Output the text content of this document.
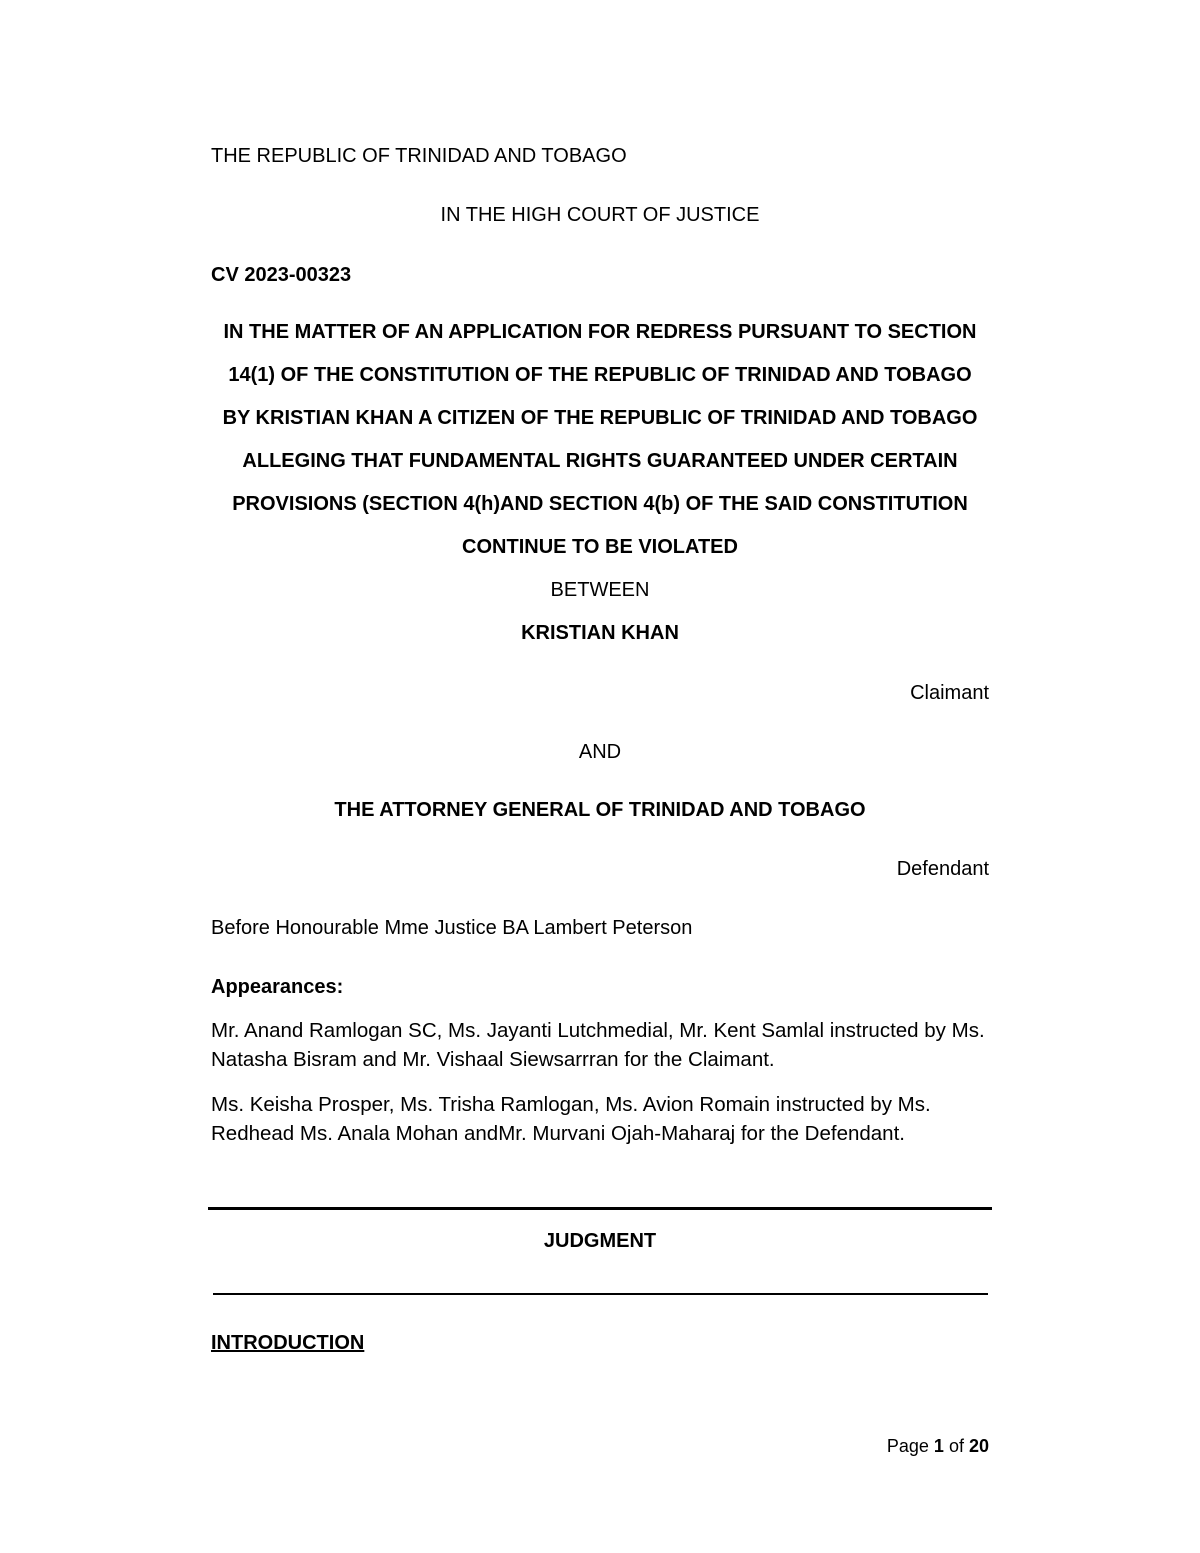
THE REPUBLIC OF TRINIDAD AND TOBAGO
IN THE HIGH COURT OF JUSTICE
CV 2023-00323
IN THE MATTER OF AN APPLICATION FOR REDRESS PURSUANT TO SECTION
14(1) OF THE CONSTITUTION OF THE REPUBLIC OF TRINIDAD AND TOBAGO
BY KRISTIAN KHAN A CITIZEN OF THE REPUBLIC OF TRINIDAD AND TOBAGO
ALLEGING THAT FUNDAMENTAL RIGHTS GUARANTEED UNDER CERTAIN
PROVISIONS (SECTION 4(h)AND SECTION 4(b) OF THE SAID CONSTITUTION
CONTINUE TO BE VIOLATED
BETWEEN
KRISTIAN KHAN
Claimant
AND
THE ATTORNEY GENERAL OF TRINIDAD AND TOBAGO
Defendant
Before Honourable Mme Justice BA Lambert Peterson
Appearances:
Mr. Anand Ramlogan SC, Ms. Jayanti Lutchmedial, Mr. Kent Samlal instructed by Ms. Natasha Bisram and Mr. Vishaal Siewsarrran for the Claimant.
Ms. Keisha Prosper, Ms. Trisha Ramlogan, Ms. Avion Romain instructed by Ms. Redhead Ms. Anala Mohan andMr. Murvani Ojah-Maharaj for the Defendant.
JUDGMENT
INTRODUCTION
Page 1 of 20
